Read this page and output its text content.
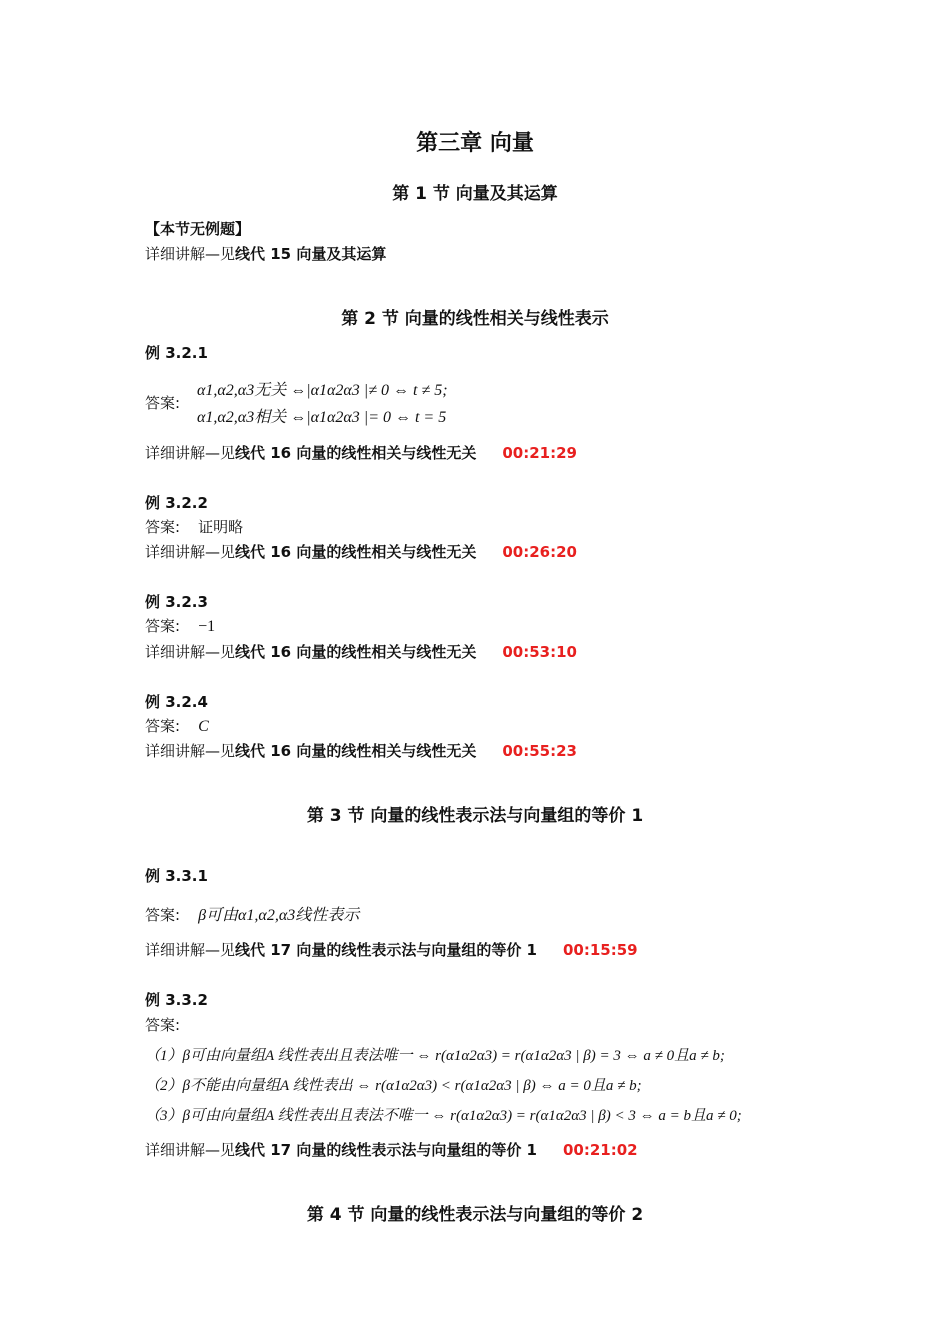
第三章 向量
第 1 节 向量及其运算
【本节无例题】
详细讲解—见线代 15 向量及其运算
第 2 节 向量的线性相关与线性表示
例 3.2.1
答案:
α1,α2,α3无关 ⇔|α1α2α3 |≠ 0 ⇔ t ≠ 5;
α1,α2,α3相关 ⇔|α1α2α3 |= 0 ⇔ t = 5
详细讲解—见线代 16 向量的线性相关与线性无关 00:21:29
例 3.2.2
答案: 证明略
详细讲解—见线代 16 向量的线性相关与线性无关 00:26:20
例 3.2.3
答案: −1
详细讲解—见线代 16 向量的线性相关与线性无关 00:53:10
例 3.2.4
答案: C
详细讲解—见线代 16 向量的线性相关与线性无关 00:55:23
第 3 节 向量的线性表示法与向量组的等价 1
例 3.3.1
答案: β可由α1,α2,α3线性表示
详细讲解—见线代 17 向量的线性表示法与向量组的等价 1 00:15:59
例 3.3.2
答案:
（1）β可由向量组A 线性表出且表法唯一 ⇔ r(α1α2α3) = r(α1α2α3 | β) = 3 ⇔ a ≠ 0且a ≠ b;
（2）β不能由向量组A 线性表出 ⇔ r(α1α2α3) < r(α1α2α3 | β) ⇔ a = 0且a ≠ b;
（3）β可由向量组A 线性表出且表法不唯一 ⇔ r(α1α2α3) = r(α1α2α3 | β) < 3 ⇔ a = b且a ≠ 0;
详细讲解—见线代 17 向量的线性表示法与向量组的等价 1 00:21:02
第 4 节 向量的线性表示法与向量组的等价 2
